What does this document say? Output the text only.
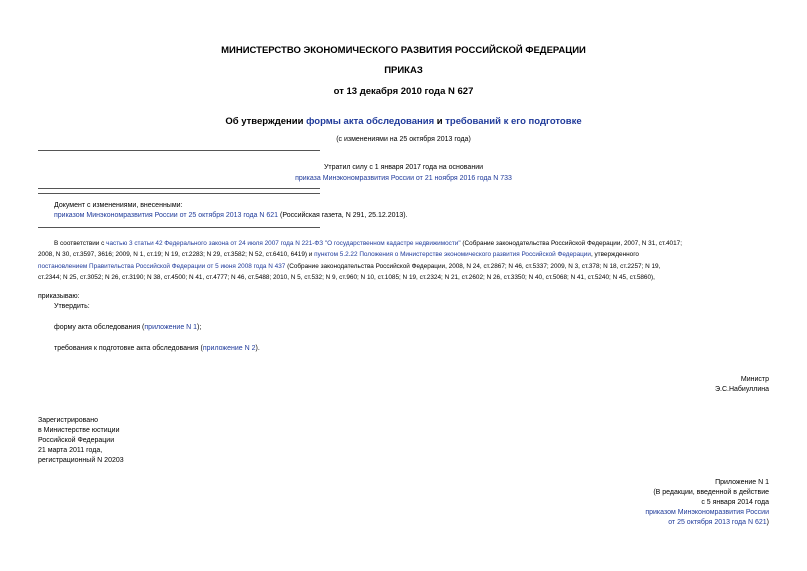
МИНИСТЕРСТВО ЭКОНОМИЧЕСКОГО РАЗВИТИЯ РОССИЙСКОЙ ФЕДЕРАЦИИ
ПРИКАЗ
от 13 декабря 2010 года N 627
Об утверждении формы акта обследования и требований к его подготовке
(с изменениями на 25 октября 2013 года)
Утратил силу с 1 января 2017 года на основании
приказа Минэкономразвития России от 21 ноября 2016 года N 733
Документ с изменениями, внесенными:
приказом Минэкономразвития России от 25 октября 2013 года N 621 (Российская газета, N 291, 25.12.2013).
В соответствии с частью 3 статьи 42 Федерального закона от 24 июля 2007 года N 221-ФЗ "О государственном кадастре недвижимости" (Собрание законодательства Российской Федерации, 2007, N 31, ст.4017;
2008, N 30, ст.3597, 3616; 2009, N 1, ст.19; N 19, ст.2283; N 29, ст.3582; N 52, ст.6410, 6419) и пунктом 5.2.22 Положения о Министерстве экономического развития Российской Федерации, утвержденного
постановлением Правительства Российской Федерации от 5 июня 2008 года N 437 (Собрание законодательства Российской Федерации, 2008, N 24, ст.2867; N 46, ст.5337; 2009, N 3, ст.378; N 18, ст.2257; N 19,
ст.2344; N 25, ст.3052; N 26, ст.3190; N 38, ст.4500; N 41, ст.4777; N 46, ст.5488; 2010, N 5, ст.532; N 9, ст.960; N 10, ст.1085; N 19, ст.2324; N 21, ст.2602; N 26, ст.3350; N 40, ст.5068; N 41, ст.5240; N 45, ст.5860),
приказываю:
Утвердить:
форму акта обследования (приложение N 1);
требования к подготовке акта обследования (приложение N 2).
Министр
Э.С.Набиуллина
Зарегистрировано
в Министерстве юстиции
Российской Федерации
21 марта 2011 года,
регистрационный N 20203
Приложение N 1
(В редакции, введенной в действие
с 5 января 2014 года
приказом Минэкономразвития России
от 25 октября 2013 года N 621)
